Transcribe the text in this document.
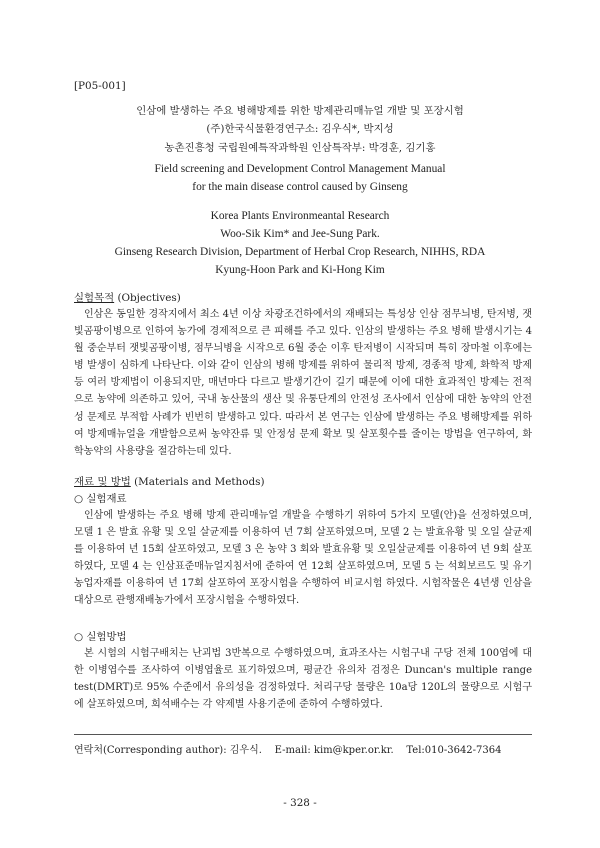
[P05-001]
인삼에 발생하는 주요 병해방제를 위한 방제관리매뉴얼 개발 및 포장시험
(주)한국식물환경연구소: 김우식*, 박지성
농촌진흥청 국립원예특작과학원 인삼특작부: 박경훈, 김기홍
Field screening and Development Control Management Manual
for the main disease control caused by Ginseng
Korea Plants Environmeantal Research
Woo-Sik Kim* and Jee-Sung Park.
Ginseng Research Division, Department of Herbal Crop Research, NIHHS, RDA
Kyung-Hoon Park and Ki-Hong Kim
실험목적 (Objectives)
인삼은 동일한 경작지에서 최소 4년 이상 차광조건하에서의 재배되는 특성상 인삼 점무늬병, 탄저병, 잿빛곰팡이병으로 인하여 농가에 경제적으로 큰 피해를 주고 있다. 인삼의 발생하는 주요 병해 발생시기는 4월 중순부터 잿빛곰팡이병, 점무늬병을 시작으로 6월 중순 이후 탄저병이 시작되며 특히 장마철 이후에는 병 발생이 심하게 나타난다. 이와 같이 인삼의 병해 방제를 위하여 물리적 방제, 경종적 방제, 화학적 방제 등 여러 방제법이 이용되지만, 매년마다 다르고 발생기간이 길기 때문에 이에 대한 효과적인 방제는 전적으로 농약에 의존하고 있어, 국내 농산물의 생산 및 유통단계의 안전성 조사에서 인삼에 대한 농약의 안전성 문제로 부적합 사례가 빈번히 발생하고 있다. 따라서 본 연구는 인삼에 발생하는 주요 병해방제를 위하여 방제매뉴얼을 개발함으로써 농약잔류 및 안정성 문제 확보 및 살포횟수를 줄이는 방법을 연구하여, 화학농약의 사용량을 절감하는데 있다.
재료 및 방법 (Materials and Methods)
○ 실험재료
인삼에 발생하는 주요 병해 방제 관리매뉴얼 개발을 수행하기 위하여 5가지 모델(안)을 선정하였으며, 모델 1 은 발효 유황 및 오일 살균제를 이용하여 년 7회 살포하였으며, 모델 2 는 발효유황 및 오일 살균제를 이용하여 년 15회 살포하였고, 모델 3 은 농약 3 회와 발효유황 및 오일살균제를 이용하여 년 9회 살포하였다, 모델 4 는 인삼표준매뉴얼지침서에 준하여 연 12회 살포하였으며, 모델 5 는 석회보르도 및 유기농업자재를 이용하여 년 17회 살포하여 포장시험을 수행하여 비교시험 하였다. 시험작물은 4년생 인삼을 대상으로 관행재배농가에서 포장시험을 수행하였다.
○ 실험방법
본 시험의 시험구배치는 난괴법 3반복으로 수행하였으며, 효과조사는 시험구내 구당 전체 100엽에 대한 이병엽수를 조사하여 이병엽율로 표기하였으며, 평균간 유의차 검정은 Duncan's multiple range test(DMRT)로 95% 수준에서 유의성을 검정하였다. 처리구당 물량은 10a당 120L의 물량으로 시험구에 살포하였으며, 희석배수는 각 약제별 사용기준에 준하여 수행하였다.
연락처(Corresponding author): 김우식.    E-mail: kim@kper.or.kr.    Tel:010-3642-7364
- 328 -
